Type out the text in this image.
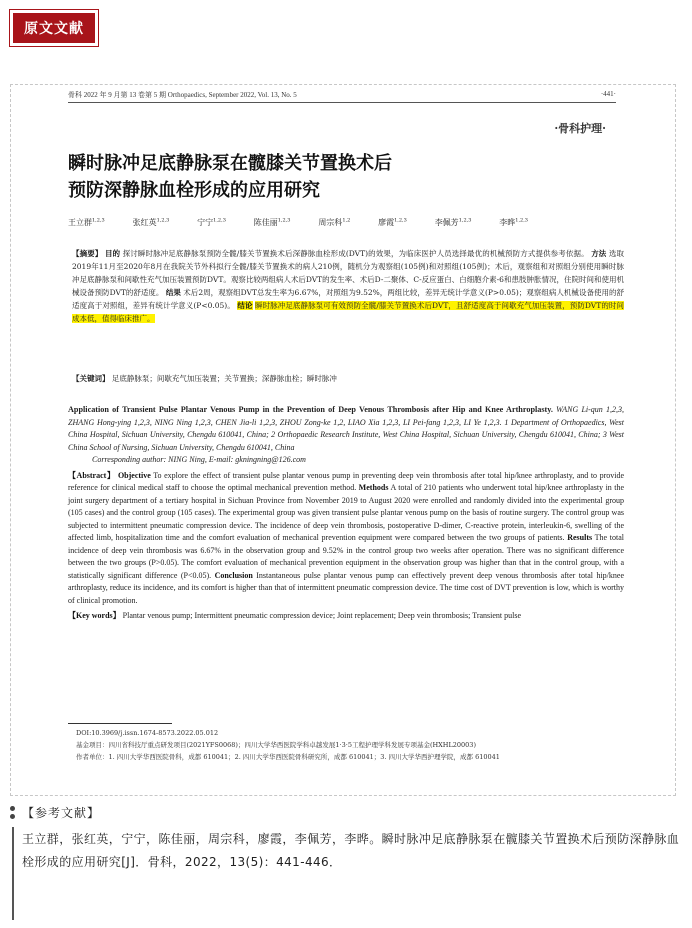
原文文献
骨科 2022 年 9 月第 13 卷第 5 期 Orthopaedics, September 2022, Vol. 13, No. 5	·441·
·骨科护理·
瞬时脉冲足底静脉泵在髋膝关节置换术后
预防深静脉血栓形成的应用研究
王立群$^{1,2,3}$	张红英$^{1,2,3}$	宁宁$^{1,2,3}$	陈佳丽$^{1,2,3}$	周宗科$^{1,2}$	廖霞$^{1,2,3}$	李佩芳$^{1,2,3}$	李晔$^{1,2,3}$
【摘要】 目的 探讨瞬时脉冲足底静脉泵预防全髋/膝关节置换术后深静脉血栓形成(DVT)的效果，为临床医护人员选择最优的机械预防方式提供参考依据。 方法 选取2019年11月至2020年8月在我院关节外科拟行全髋/膝关节置换术的病人210例，随机分为观察组(105例)和对照组(105例)；术后，观察组和对照组分别使用瞬时脉冲足底静脉泵和间歇性充气加压装置预防DVT。观察比较两组病人术后DVT的发生率、术后D-二聚体、C-反应蛋白、白细胞介素-6和患肢肿胀情况，住院时间和使用机械设备预防DVT的舒适度。 结果 术后2周，观察组DVT总发生率为6.67%，对照组为9.52%，两组比较，差异无统计学意义(P>0.05)；观察组病人机械设备使用的舒适度高于对照组，差异有统计学意义(P<0.05)。 结论 瞬时脉冲足底静脉泵可有效预防全髋/膝关节置换术后DVT，且舒适度高于间歇充气加压装置，预防DVT的时间成本低，值得临床推广。
【关键词】 足底静脉泵；间歇充气加压装置；关节置换；深静脉血栓；瞬时脉冲
Application of Transient Pulse Plantar Venous Pump in the Prevention of Deep Venous Thrombosis after Hip and Knee Arthroplasty. WANG Li-qun 1,2,3, ZHANG Hong-ying 1,2,3, NING Ning 1,2,3, CHEN Jia-li 1,2,3, ZHOU Zong-ke 1,2, LIAO Xia 1,2,3, LI Pei-fang 1,2,3, LI Ye 1,2,3. 1 Department of Orthopaedics, West China Hospital, Sichuan University, Chengdu 610041, China; 2 Orthopaedic Research Institute, West China Hospital, Sichuan University, Chengdu 610041, China; 3 West China School of Nursing, Sichuan University, Chengdu 610041, China
Corresponding author: NING Ning, E-mail: gkningning@126.com
【Abstract】 Objective To explore the effect of transient pulse plantar venous pump in preventing deep vein thrombosis after total hip/knee arthroplasty, and to provide reference for clinical medical staff to choose the optimal mechanical prevention method. Methods A total of 210 patients who underwent total hip/knee arthroplasty in the joint surgery department of a tertiary hospital in Sichuan Province from November 2019 to August 2020 were enrolled and randomly divided into the experimental group (105 cases) and the control group (105 cases). The experimental group was given transient pulse plantar venous pump on the basis of routine surgery. The control group was subjected to intermittent pneumatic compression device. The incidence of deep vein thrombosis, postoperative D-dimer, C-reactive protein, interleukin-6, swelling of the affected limb, hospitalization time and the comfort evaluation of mechanical prevention equipment were compared between the two groups of patients. Results The total incidence of deep vein thrombosis was 6.67% in the observation group and 9.52% in the control group two weeks after operation. There was no significant difference between the two groups (P>0.05). The comfort evaluation of mechanical prevention equipment in the observation group was higher than that in the control group, with a statistically significant difference (P<0.05). Conclusion Instantaneous pulse plantar venous pump can effectively prevent deep venous thrombosis after total hip/knee arthroplasty, reduce its incidence, and its comfort is higher than that of intermittent pneumatic compression device. The time cost of DVT prevention is low, which is worthy of clinical promotion.
【Key words】 Plantar venous pump; Intermittent pneumatic compression device; Joint replacement; Deep vein thrombosis; Transient pulse
DOI:10.3969/j.issn.1674-8573.2022.05.012
基金项目：四川省科技厅重点研发项目(2021YFS0068)；四川大学华西医院学科卓越发展1·3·5工程护理学科发展专项基金(HXHL20003)
作者单位：1. 四川大学华西医院骨科，成都 610041；2. 四川大学华西医院骨科研究所，成都 610041；3. 四川大学华西护理学院，成都 610041
【参考文献】
王立群，张红英，宁宁，陈佳丽，周宗科，廖霞，李佩芳，李晔。瞬时脉冲足底静脉泵在髋膝关节置换术后预防深静脉血栓形成的应用研究[J]．骨科，2022，13(5)：441-446．
